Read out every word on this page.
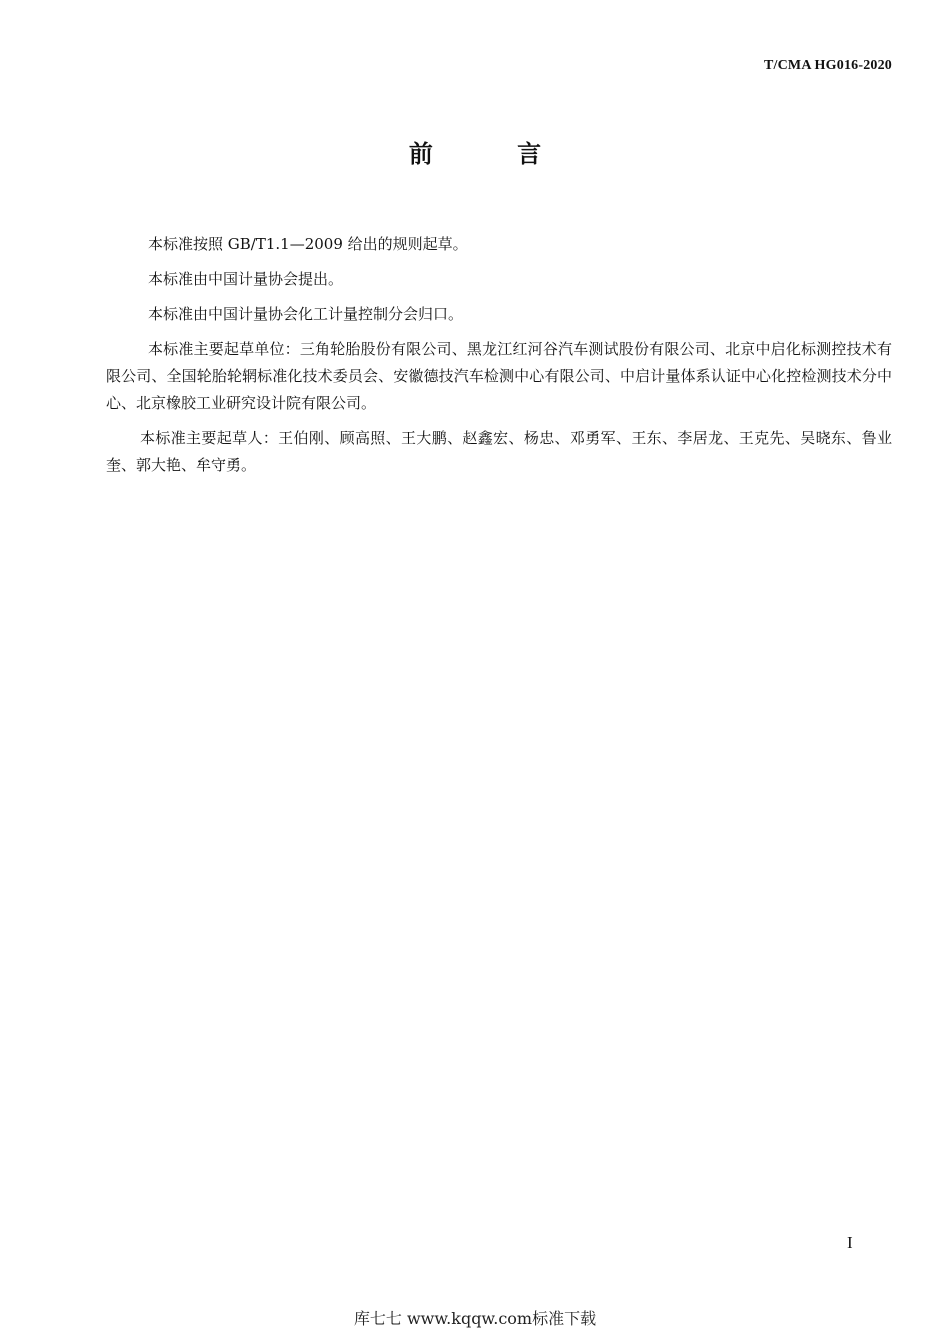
T/CMA HG016-2020
前 言

本标准按照 GB/T1.1—2009 给出的规则起草。

本标准由中国计量协会提出。

本标准由中国计量协会化工计量控制分会归口。

本标准主要起草单位：三角轮胎股份有限公司、黑龙江红河谷汽车测试股份有限公司、北京中启化标测控技术有限公司、全国轮胎轮辋标准化技术委员会、安徽德技汽车检测中心有限公司、中启计量体系认证中心化控检测技术分中心、北京橡胶工业研究设计院有限公司。

本标准主要起草人：王伯刚、顾高照、王大鹏、赵鑫宏、杨忠、邓勇军、王东、李居龙、王克先、吴晓东、鲁业奎、郭大艳、牟守勇。

I
库七七 www.kqqw.com标准下载
